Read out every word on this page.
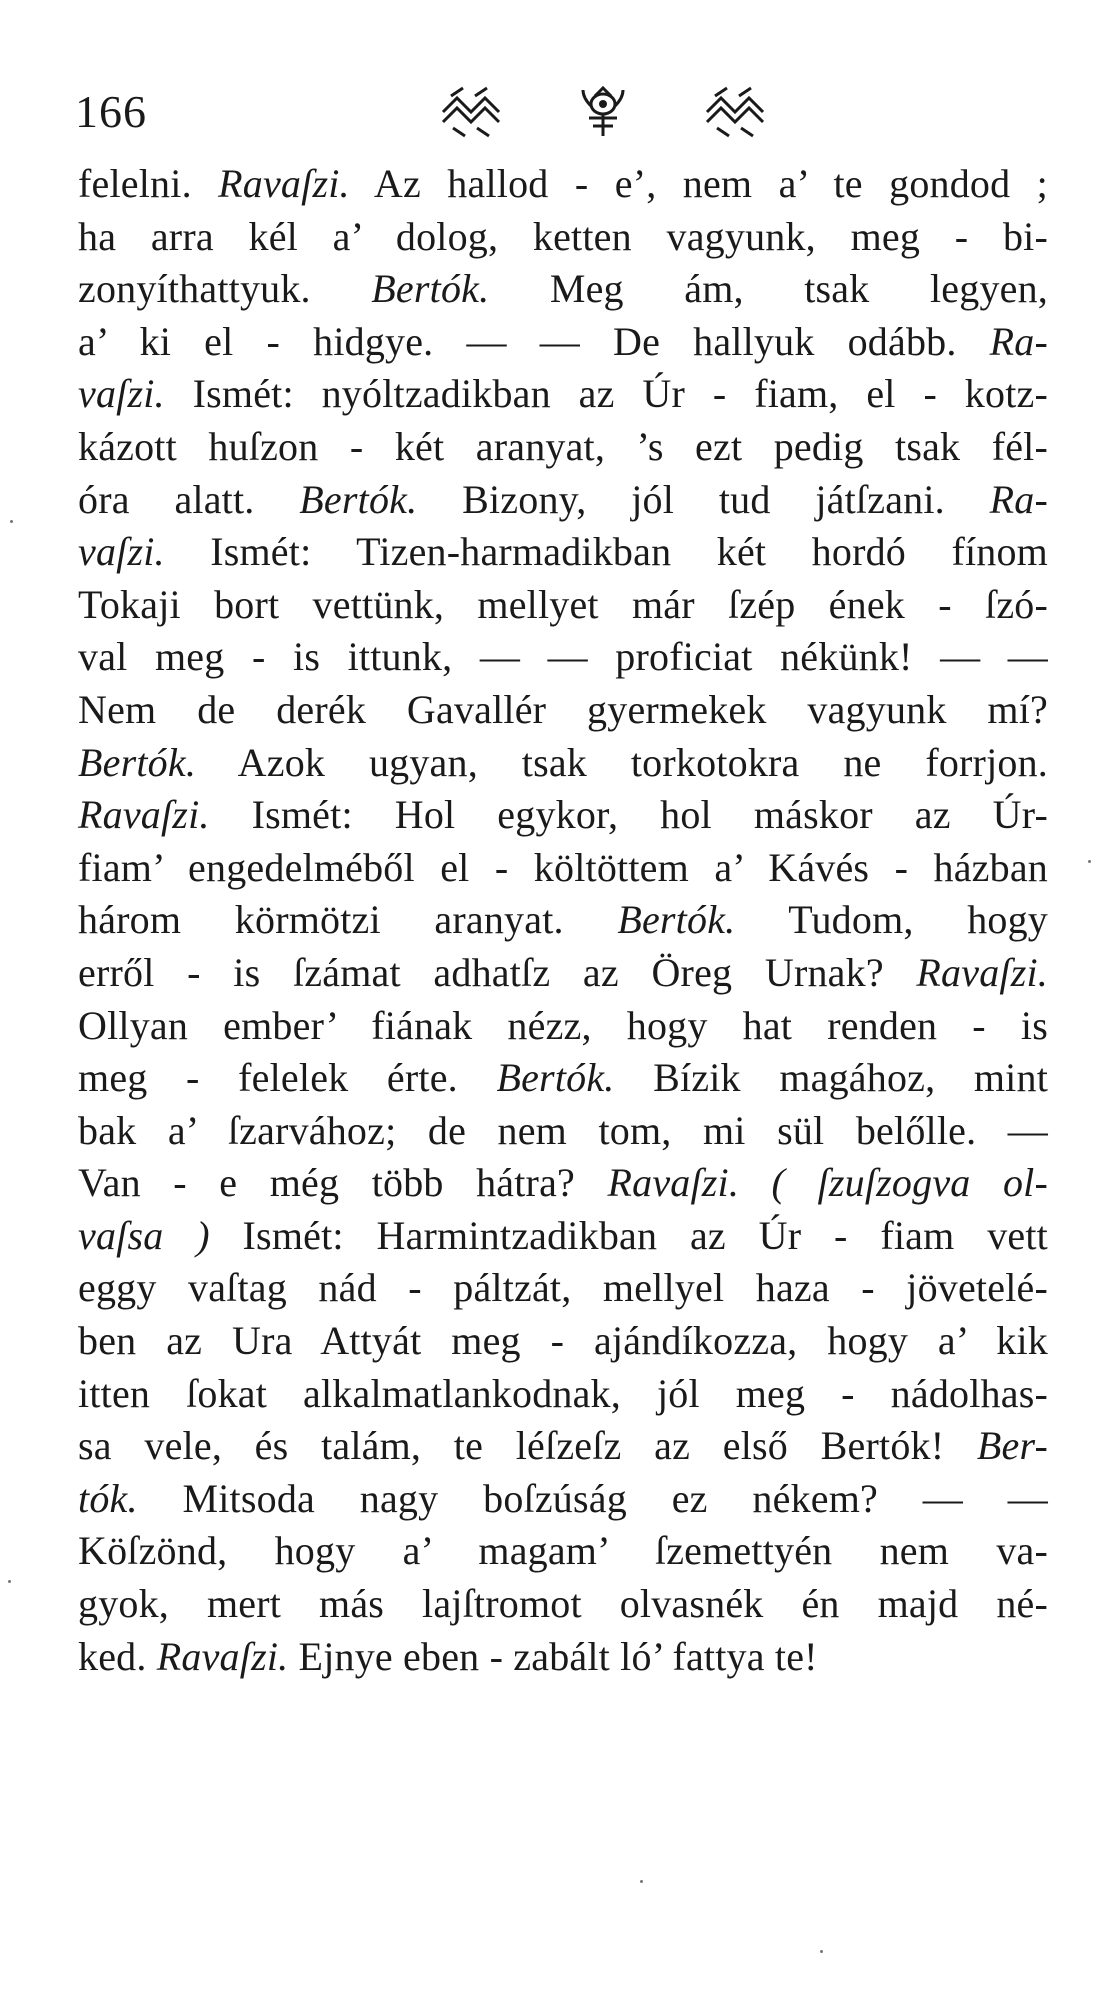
166
felelni. Ravaſzi. Az hallod - e’, nem a’ te gondod ;
ha arra kél a’ dolog, ketten vagyunk, meg - bi-
zonyíthattyuk. Bertók. Meg ám, tsak legyen,
a’ ki el - hidgye. — — De hallyuk odább. Ra-
vaſzi. Ismét: nyóltzadikban az Úr - fiam, el - kotz-
kázott huſzon - két aranyat, ’s ezt pedig tsak fél-
óra alatt. Bertók. Bizony, jól tud játſzani. Ra-
vaſzi. Ismét: Tizen-harmadikban két hordó fínom
Tokaji bort vettünk, mellyet már ſzép ének - ſzó-
val meg - is ittunk, — — proficiat nékünk! — —
Nem de derék Gavallér gyermekek vagyunk mí?
Bertók. Azok ugyan, tsak torkotokra ne forrjon.
Ravaſzi. Ismét: Hol egykor, hol máskor az Úr-
fiam’ engedelméből el - költöttem a’ Kávés - házban
három körmötzi aranyat. Bertók. Tudom, hogy
erről - is ſzámat adhatſz az Öreg Urnak? Ravaſzi.
Ollyan ember’ fiának nézz, hogy hat renden - is
meg - felelek érte. Bertók. Bízik magához, mint
bak a’ ſzarvához; de nem tom, mi sül belőlle. —
Van - e még több hátra? Ravaſzi. ( ſzuſzogva ol-
vaſsa ) Ismét: Harmintzadikban az Úr - fiam vett
eggy vaſtag nád - páltzát, mellyel haza - jövetelé-
ben az Ura Attyát meg - ajándíkozza, hogy a’ kik
itten ſokat alkalmatlankodnak, jól meg - nádolhas-
sa vele, és talám, te léſzeſz az első Bertók! Ber-
tók. Mitsoda nagy boſzúság ez nékem? — —
Köſzönd, hogy a’ magam’ ſzemettyén nem va-
gyok, mert más lajſtromot olvasnék én majd né-
ked. Ravaſzi. Ejnye eben - zabált ló’ fattya te!
